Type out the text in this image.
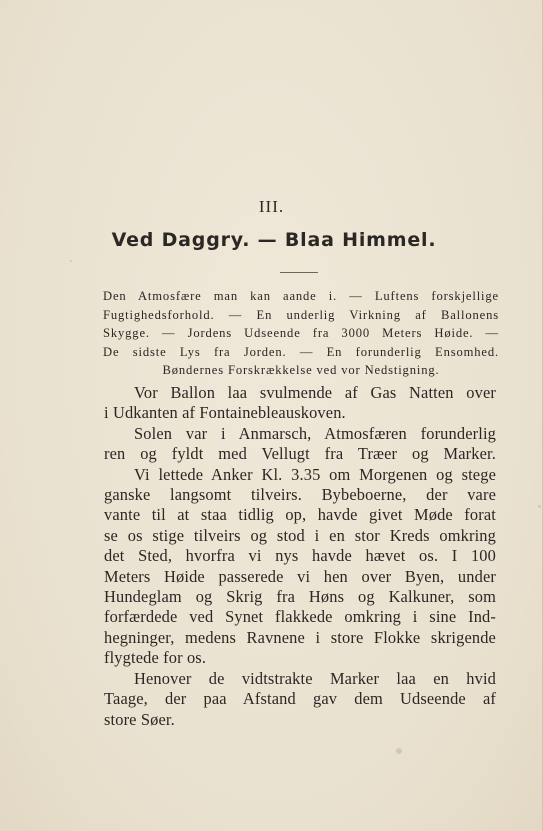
III.
Ved Daggry. — Blaa Himmel.
Den Atmosfære man kan aande i. — Luftens forskjellige
Fugtighedsforhold. — En underlig Virkning af Ballonens
Skygge. — Jordens Udseende fra 3000 Meters Høide. —
De sidste Lys fra Jorden. — En forunderlig Ensomhed.
Bøndernes Forskrækkelse ved vor Nedstigning.
Vor Ballon laa svulmende af Gas Natten over
i Udkanten af Fontainebleauskoven.
Solen var i Anmarsch, Atmosfæren forunderlig
ren og fyldt med Vellugt fra Træer og Marker.
Vi lettede Anker Kl. 3.35 om Morgenen og stege
ganske langsomt tilveirs. Bybeboerne, der vare
vante til at staa tidlig op, havde givet Møde forat
se os stige tilveirs og stod i en stor Kreds omkring
det Sted, hvorfra vi nys havde hævet os. I 100
Meters Høide passerede vi hen over Byen, under
Hundeglam og Skrig fra Høns og Kalkuner, som
forfærdede ved Synet flakkede omkring i sine Ind-
hegninger, medens Ravnene i store Flokke skrigende
flygtede for os.
Henover de vidtstrakte Marker laa en hvid
Taage, der paa Afstand gav dem Udseende af
store Søer.
